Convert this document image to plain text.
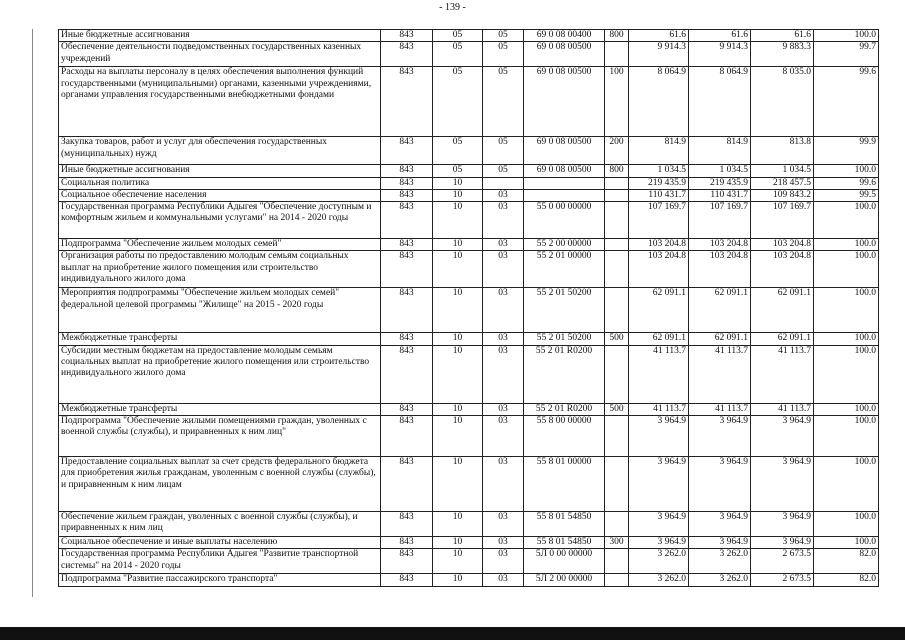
- 139 -
Иные бюджетные ассигнования	843	05	05	69 0 08 00400	800	61.6	61.6	61.6	100.0
Обеспечение деятельности подведомственных государственных казенных учреждений	843	05	05	69 0 08 00500		9 914.3	9 914.3	9 883.3	99.7
Расходы на выплаты персоналу в целях обеспечения выполнения функций государственными (муниципальными) органами, казенными учреждениями, органами управления государственными внебюджетными фондами	843	05	05	69 0 08 00500	100	8 064.9	8 064.9	8 035.0	99.6
Закупка товаров, работ и услуг для обеспечения государственных (муниципальных) нужд	843	05	05	69 0 08 00500	200	814.9	814.9	813.8	99.9
Иные бюджетные ассигнования	843	05	05	69 0 08 00500	800	1 034.5	1 034.5	1 034.5	100.0
Социальная политика	843	10				219 435.9	219 435.9	218 457.5	99.6
Социальное обеспечение населения	843	10	03			110 431.7	110 431.7	109 843.2	99.5
Государственная программа Республики Адыгея "Обеспечение доступным и комфортным жильем и коммунальными услугами" на 2014 - 2020 годы	843	10	03	55 0 00 00000		107 169.7	107 169.7	107 169.7	100.0
Подпрограмма "Обеспечение жильем молодых семей"	843	10	03	55 2 00 00000		103 204.8	103 204.8	103 204.8	100.0
Организация работы по предоставлению молодым семьям социальных выплат на приобретение жилого помещения или строительство индивидуального жилого дома	843	10	03	55 2 01 00000		103 204.8	103 204.8	103 204.8	100.0
Мероприятия подпрограммы "Обеспечение жильем молодых семей" федеральной целевой программы "Жилище" на 2015 - 2020 годы	843	10	03	55 2 01 50200		62 091.1	62 091.1	62 091.1	100.0
Межбюджетные трансферты	843	10	03	55 2 01 50200	500	62 091.1	62 091.1	62 091.1	100.0
Субсидии местным бюджетам на предоставление молодым семьям социальных выплат на приобретение жилого помещения или строительство индивидуального жилого дома	843	10	03	55 2 01 R0200		41 113.7	41 113.7	41 113.7	100.0
Межбюджетные трансферты	843	10	03	55 2 01 R0200	500	41 113.7	41 113.7	41 113.7	100.0
Подпрограмма "Обеспечение жилыми помещениями граждан, уволенных с военной службы (службы), и приравненных к ним лиц"	843	10	03	55 8 00 00000		3 964.9	3 964.9	3 964.9	100.0
Предоставление социальных выплат за счет средств федерального бюджета для приобретения жилья гражданам, уволенным с военной службы (службы), и приравненным к ним лицам	843	10	03	55 8 01 00000		3 964.9	3 964.9	3 964.9	100.0
Обеспечение жильем граждан, уволенных с военной службы (службы), и приравненных к ним лиц	843	10	03	55 8 01 54850		3 964.9	3 964.9	3 964.9	100.0
Социальное обеспечение и иные выплаты населению	843	10	03	55 8 01 54850	300	3 964.9	3 964.9	3 964.9	100.0
Государственная программа Республики Адыгея "Развитие транспортной системы" на 2014 - 2020 годы	843	10	03	5Л 0 00 00000		3 262.0	3 262.0	2 673.5	82.0
Подпрограмма "Развитие пассажирского транспорта"	843	10	03	5Л 2 00 00000		3 262.0	3 262.0	2 673.5	82.0
